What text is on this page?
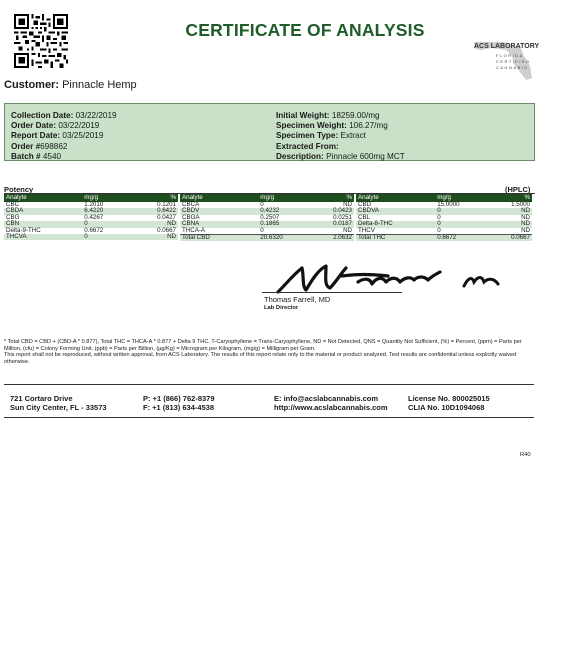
CERTIFICATE OF ANALYSIS
ACS LABORATORY
FLORIDA
CERTIFIED
CANNABIS
Customer: Pinnacle Hemp
Collection Date: 03/22/2019
Order Date: 03/22/2019
Report Date: 03/25/2019
Order #698862
Batch # 4540
Initial Weight: 18259.00/mg
Specimen Weight: 106.27/mg
Specimen Type: Extract
Extracted From:
Description: Pinnacle 600mg MCT
Potency	(HPLC)
Analyte	mg/g	%
CBC	1.2010	0.1201
CBDA	6.4220	0.6422
CBG	0.4267	0.0427
CBN	0	ND
Delta-9-THC	0.6672	0.0667
THCVA	0	ND
Analyte	mg/g	%
CBCA	0	ND
CBDV	0.4232	0.0423
CBGA	0.2507	0.0251
CBNA	0.1865	0.0187
THCA-A	0	ND
Total CBD	20.6320	2.0632
Analyte	mg/g	%
CBD	15.0000	1.5000
CBDVA	0	ND
CBL	0	ND
Delta-8-THC	0	ND
THCV	0	ND
Total THC	0.6672	0.0667
Thomas Farrell, MD
Lab Director
* Total CBD = CBD + (CBD-A * 0.877), Total THC = THCA-A * 0.877 + Delta 9 THC. T-Caryophyllene = Trans-Caryophyllene, ND = Not Detected, QNS = Quantity Not Sufficient, (%) = Percent, (ppm) = Parts per Million, (cfu) = Colony Forming Unit, (ppb) = Parts per Billion, (µg/Kg) = Microgram per Kilogram, (mg/g) = Milligram per Gram.
This report shall not be reproduced, without written approval, from ACS Laboratory. The results of this report relate only to the material or product analyzed. Test results are confidential unless explicitly waived otherwise.
721 Cortaro Drive
Sun City Center, FL - 33573
P: +1 (866) 762-8379
F: +1 (813) 634-4538
E: info@acslabcannabis.com
http://www.acslabcannabis.com
License No. 800025015
CLIA No. 10D1094068
R40
